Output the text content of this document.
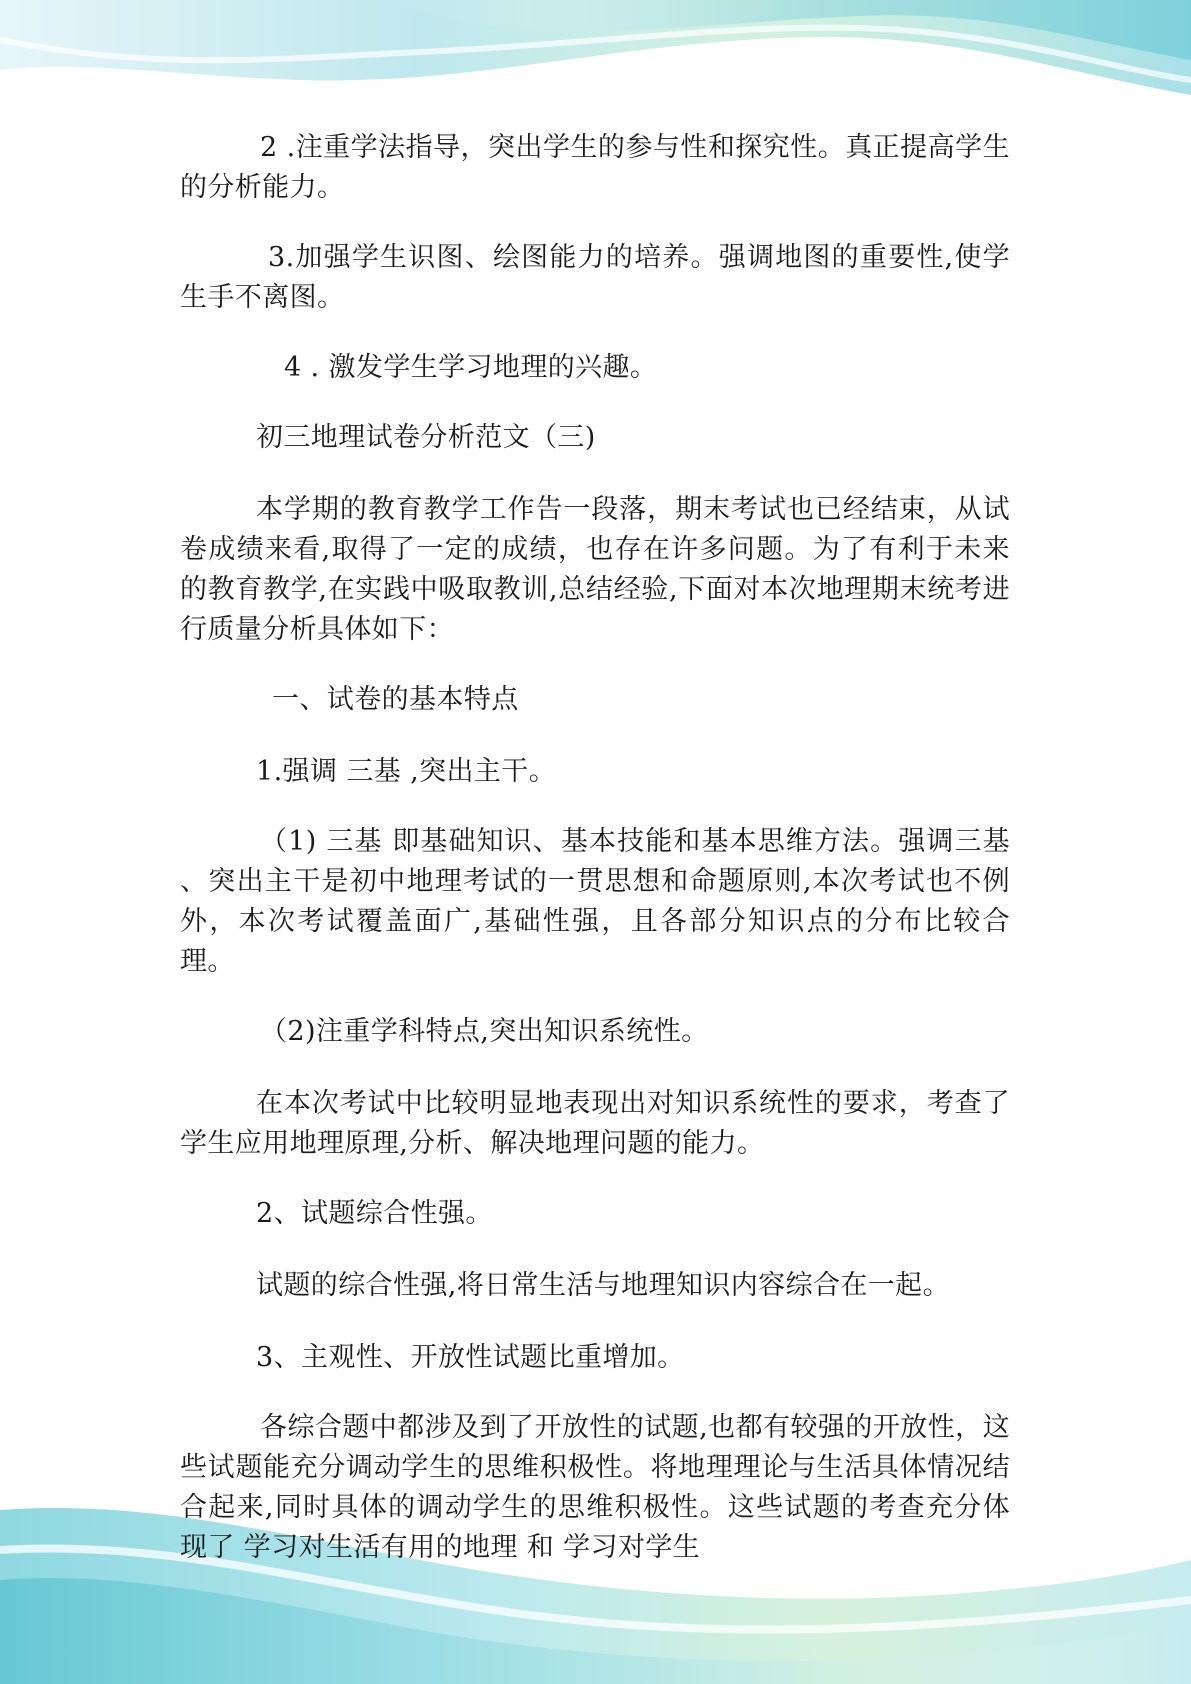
2 .注重学法指导，突出学生的参与性和探究性。真正提高学生的分析能力。

3.加强学生识图、绘图能力的培养。强调地图的重要性,使学生手不离图。

4 . 激发学生学习地理的兴趣。

初三地理试卷分析范文（三)

本学期的教育教学工作告一段落，期末考试也已经结束，从试卷成绩来看,取得了一定的成绩，也存在许多问题。为了有利于未来的教育教学,在实践中吸取教训,总结经验,下面对本次地理期末统考进行质量分析具体如下：

一、试卷的基本特点

1.强调 三基 ,突出主干。

（1) 三基 即基础知识、基本技能和基本思维方法。强调三基 、突出主干是初中地理考试的一贯思想和命题原则,本次考试也不例外，本次考试覆盖面广,基础性强，且各部分知识点的分布比较合理。

（2)注重学科特点,突出知识系统性。

在本次考试中比较明显地表现出对知识系统性的要求，考查了学生应用地理原理,分析、解决地理问题的能力。

2、试题综合性强。

试题的综合性强,将日常生活与地理知识内容综合在一起。

3、主观性、开放性试题比重增加。

各综合题中都涉及到了开放性的试题,也都有较强的开放性，这些试题能充分调动学生的思维积极性。将地理理论与生活具体情况结合起来,同时具体的调动学生的思维积极性。这些试题的考查充分体现了 学习对生活有用的地理 和 学习对学生
